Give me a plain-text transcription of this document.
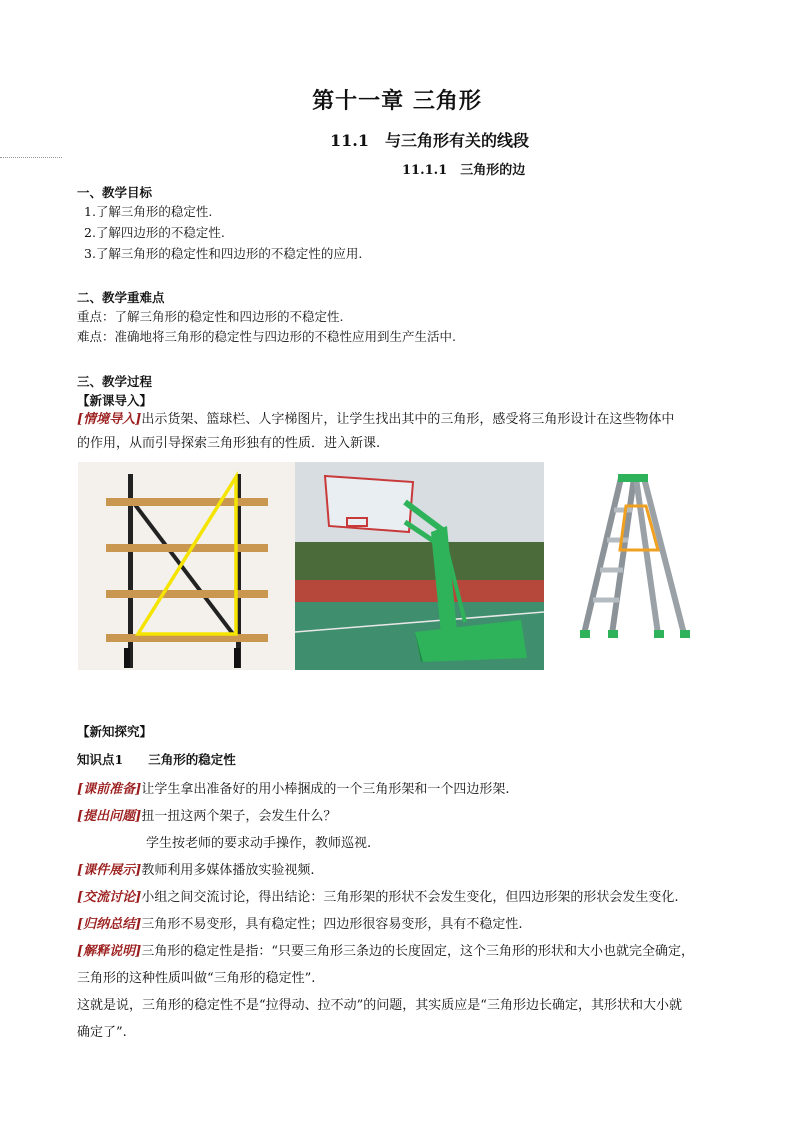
第十一章 三角形
11.1　与三角形有关的线段
11.1.1　三角形的边
一、教学目标
1.了解三角形的稳定性.
2.了解四边形的不稳定性.
3.了解三角形的稳定性和四边形的不稳定性的应用.
二、教学重难点
重点：了解三角形的稳定性和四边形的不稳定性.
难点：准确地将三角形的稳定性与四边形的不稳性应用到生产生活中.
三、教学过程
【新课导入】
[情境导入]出示货架、篮球栏、人字梯图片，让学生找出其中的三角形，感受将三角形设计在这些物体中
的作用，从而引导探索三角形独有的性质．进入新课.
【新知探究】
知识点1　　三角形的稳定性
[课前准备]让学生拿出准备好的用小棒捆成的一个三角形架和一个四边形架.
[提出问题]扭一扭这两个架子，会发生什么？
学生按老师的要求动手操作，教师巡视.
[课件展示]教师利用多媒体播放实验视频.
[交流讨论]小组之间交流讨论，得出结论：三角形架的形状不会发生变化，但四边形架的形状会发生变化.
[归纳总结]三角形不易变形，具有稳定性；四边形很容易变形，具有不稳定性.
[解释说明]三角形的稳定性是指：“只要三角形三条边的长度固定，这个三角形的形状和大小也就完全确定，
三角形的这种性质叫做“三角形的稳定性”.
这就是说，三角形的稳定性不是“拉得动、拉不动”的问题，其实质应是“三角形边长确定，其形状和大小就
确定了”.
